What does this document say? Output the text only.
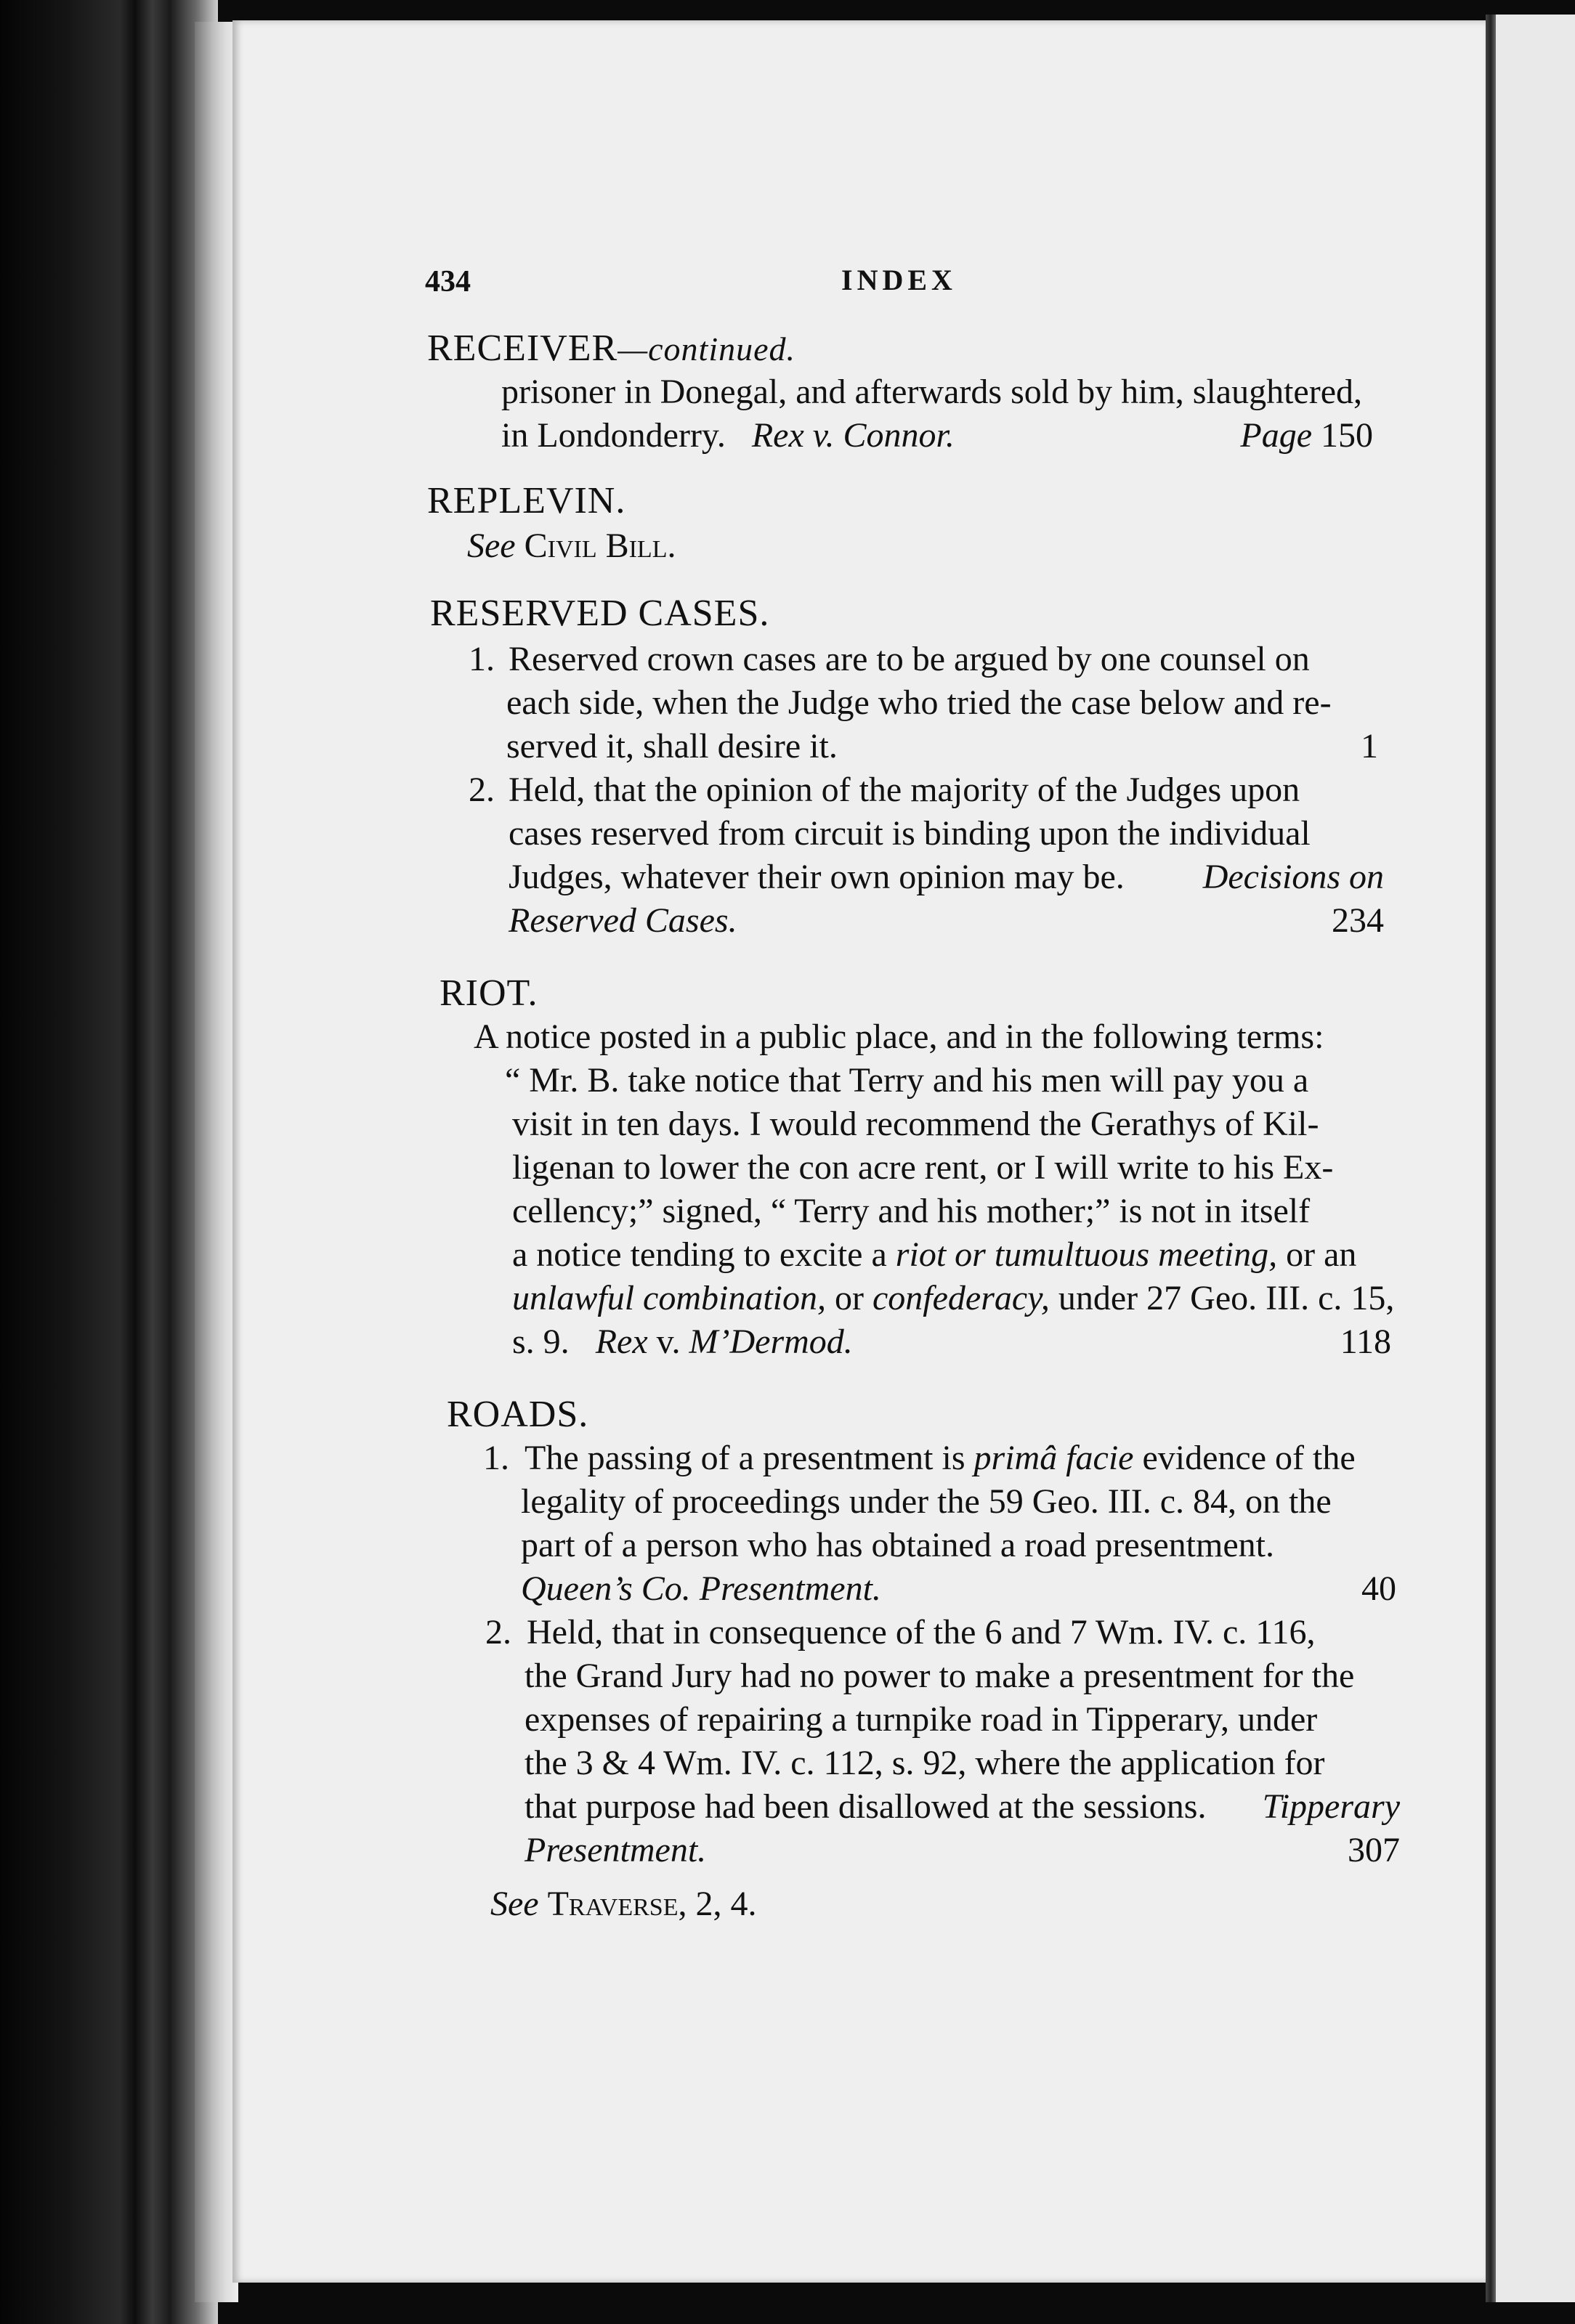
434	INDEX
RECEIVER—continued.
prisoner in Donegal, and afterwards sold by him, slaughtered,
in Londonderry. Rex v. Connor.	Page 150
REPLEVIN.
See Civil Bill.
RESERVED CASES.
1. Reserved crown cases are to be argued by one counsel on
each side, when the Judge who tried the case below and re-
served it, shall desire it.	1
2. Held, that the opinion of the majority of the Judges upon
cases reserved from circuit is binding upon the individual
Judges, whatever their own opinion may be. Decisions on
Reserved Cases.	234
RIOT.
A notice posted in a public place, and in the following terms:
“ Mr. B. take notice that Terry and his men will pay you a
visit in ten days. I would recommend the Gerathys of Kil-
ligenan to lower the con acre rent, or I will write to his Ex-
cellency;” signed, “ Terry and his mother;” is not in itself
a notice tending to excite a riot or tumultuous meeting, or an
unlawful combination, or confederacy, under 27 Geo. III. c. 15,
s. 9. Rex v. M’Dermod.	118
ROADS.
1. The passing of a presentment is primâ facie evidence of the
legality of proceedings under the 59 Geo. III. c. 84, on the
part of a person who has obtained a road presentment.
Queen’s Co. Presentment.	40
2. Held, that in consequence of the 6 and 7 Wm. IV. c. 116,
the Grand Jury had no power to make a presentment for the
expenses of repairing a turnpike road in Tipperary, under
the 3 & 4 Wm. IV. c. 112, s. 92, where the application for
that purpose had been disallowed at the sessions. Tipperary
Presentment.	307
See Traverse, 2, 4.
